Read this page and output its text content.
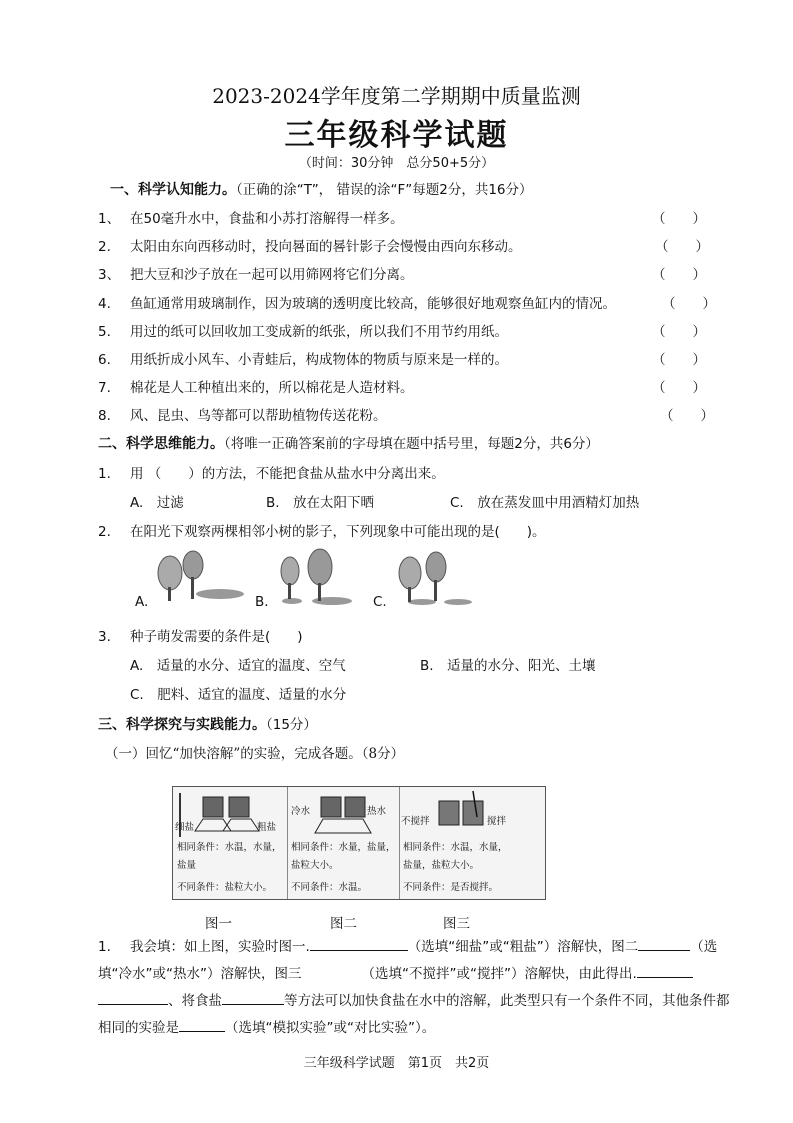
2023-2024学年度第二学期期中质量监测
三年级科学试题
（时间：30分钟　总分50+5分）
一、科学认知能力。（正确的涂“T”， 错误的涂“F”每题2分，共16分）
1、 在50毫升水中，食盐和小苏打溶解得一样多。	（　　）
2. 太阳由东向西移动时，投向晷面的晷针影子会慢慢由西向东移动。	（　　）
3、 把大豆和沙子放在一起可以用筛网将它们分离。	（　　）
4. 鱼缸通常用玻璃制作，因为玻璃的透明度比较高，能够很好地观察鱼缸内的情况。	（　　）
5. 用过的纸可以回收加工变成新的纸张，所以我们不用节约用纸。	（　　）
6. 用纸折成小风车、小青蛙后，构成物体的物质与原来是一样的。	（　　）
7. 棉花是人工种植出来的，所以棉花是人造材料。	（　　）
8. 风、昆虫、鸟等都可以帮助植物传送花粉。	（　　）
二、科学思维能力。（将唯一正确答案前的字母填在题中括号里，每题2分，共6分）
1. 用 （　　）的方法，不能把食盐从盐水中分离出来。
A.　过滤	B.　放在太阳下晒	C.　放在蒸发皿中用酒精灯加热
2. 在阳光下观察两棵相邻小树的影子，下列现象中可能出现的是(　　)。
A.	B.	C.
3. 种子萌发需要的条件是(　　)
A.　适量的水分、适宜的温度、空气	B.　适量的水分、阳光、土壤
C.　肥料、适宜的温度、适量的水分
三、科学探究与实践能力。（15分）
（一）回忆“加快溶解”的实验，完成各题。（8分）
细盐	粗盐
相同条件：水温，水量，
盐量
不同条件：盐粒大小。
冷水	热水
相同条件：水量，盐量，
盐粒大小。
不同条件：水温。
不搅拌	搅拌
相同条件：水温，水量，
盐量，盐粒大小。
不同条件：是否搅拌。
图一	图二	图三
1. 我会填：如上图，实验时图一.	（选填“细盐”或“粗盐”）溶解快，图二	（选填“冷水”或“热水”）溶解快，图三	（选填“不搅拌”或“搅拌”）溶解快，由此得出.、将食盐	等方法可以加快食盐在水中的溶解，此类型只有一个条件不同，其他条件都相同的实验是	（选填“模拟实验”或“对比实验”）。
三年级科学试题　第1页　共2页
